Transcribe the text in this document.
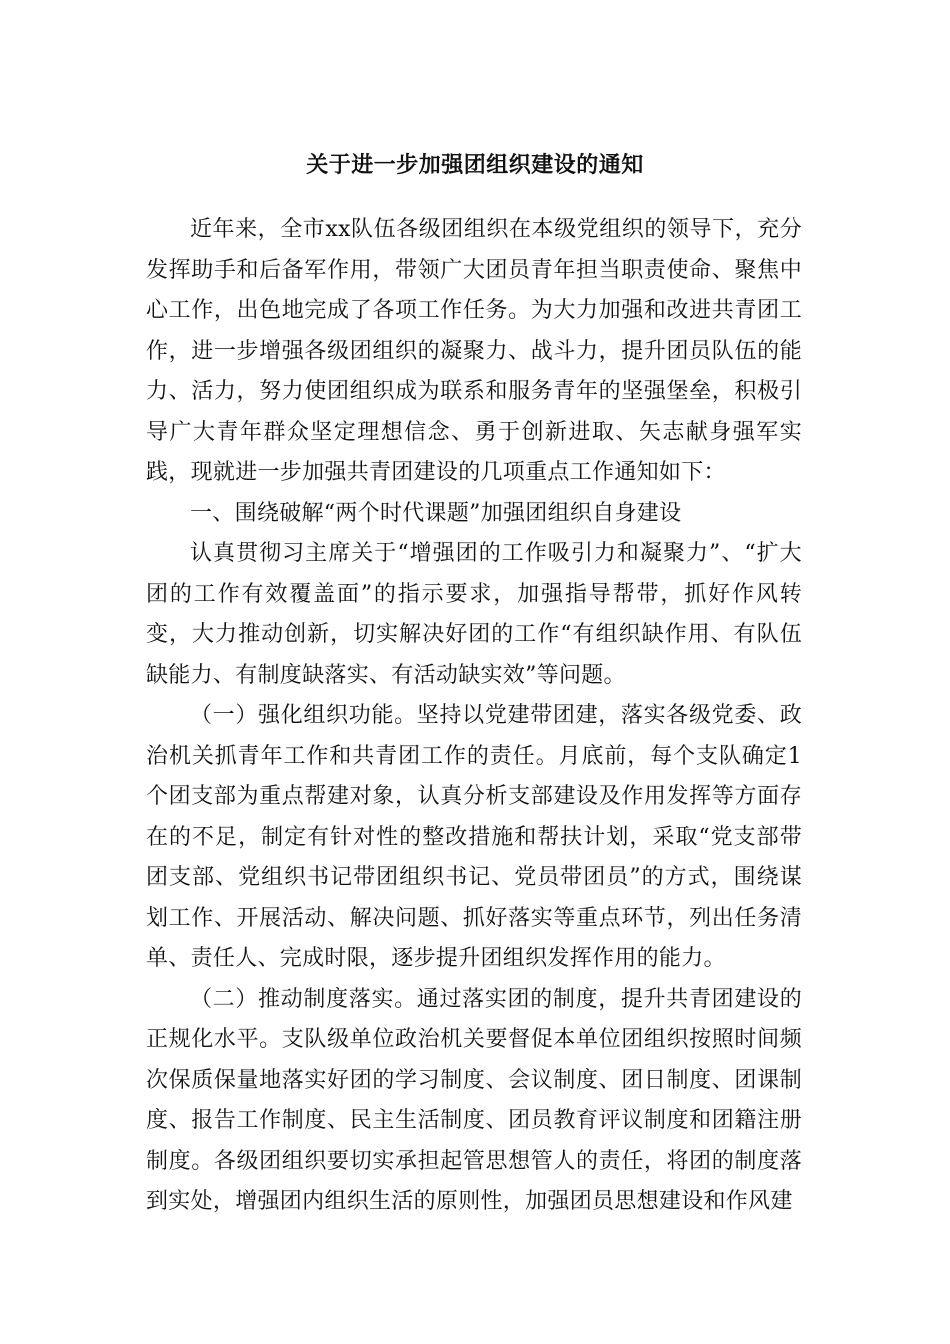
关于进一步加强团组织建设的通知

近年来，全市xx队伍各级团组织在本级党组织的领导下，充分发挥助手和后备军作用，带领广大团员青年担当职责使命、聚焦中心工作，出色地完成了各项工作任务。为大力加强和改进共青团工作，进一步增强各级团组织的凝聚力、战斗力，提升团员队伍的能力、活力，努力使团组织成为联系和服务青年的坚强堡垒，积极引导广大青年群众坚定理想信念、勇于创新进取、矢志献身强军实践，现就进一步加强共青团建设的几项重点工作通知如下：

一、围绕破解“两个时代课题”加强团组织自身建设

认真贯彻习主席关于“增强团的工作吸引力和凝聚力”、“扩大团的工作有效覆盖面”的指示要求，加强指导帮带，抓好作风转变，大力推动创新，切实解决好团的工作“有组织缺作用、有队伍缺能力、有制度缺落实、有活动缺实效”等问题。

（一）强化组织功能。坚持以党建带团建，落实各级党委、政治机关抓青年工作和共青团工作的责任。月底前，每个支队确定1个团支部为重点帮建对象，认真分析支部建设及作用发挥等方面存在的不足，制定有针对性的整改措施和帮扶计划，采取“党支部带团支部、党组织书记带团组织书记、党员带团员”的方式，围绕谋划工作、开展活动、解决问题、抓好落实等重点环节，列出任务清单、责任人、完成时限，逐步提升团组织发挥作用的能力。

（二）推动制度落实。通过落实团的制度，提升共青团建设的正规化水平。支队级单位政治机关要督促本单位团组织按照时间频次保质保量地落实好团的学习制度、会议制度、团日制度、团课制度、报告工作制度、民主生活制度、团员教育评议制度和团籍注册制度。各级团组织要切实承担起管思想管人的责任，将团的制度落到实处，增强团内组织生活的原则性，加强团员思想建设和作风建
